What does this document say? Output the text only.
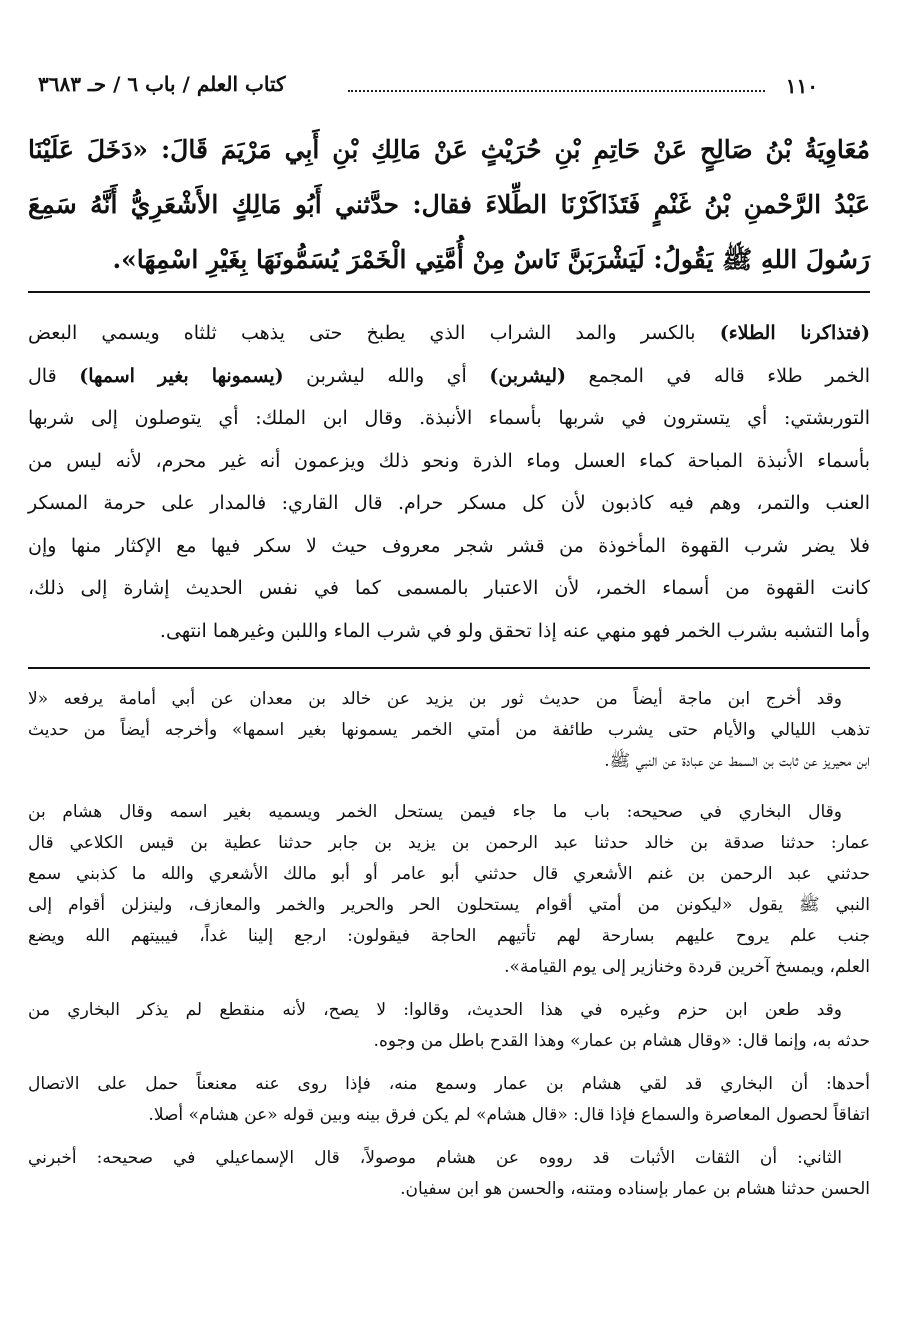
١١٠
كتاب العلم / باب ٦ / حـ ٣٦٨٣

مُعَاوِيَةُ بْنُ صَالِحٍ عَنْ حَاتِمِ بْنِ حُرَيْثٍ عَنْ مَالِكِ بْنِ أَبِي مَرْيَمَ قَالَ: «دَخَلَ عَلَيْنَا

عَبْدُ الرَّحْمنِ بْنُ غَنْمٍ فَتَذَاكَرْنَا الطِّلاءَ فقال: حدَّثني أَبُو مَالِكٍ الأَشْعَرِيُّ أَنَّهُ سَمِعَ

رَسُولَ اللهِ ﷺ يَقُولُ: لَيَشْرَبَنَّ نَاسٌ مِنْ أُمَّتِي الْخَمْرَ يُسَمُّونَهَا بِغَيْرِ اسْمِهَا».

(فتذاكرنا الطلاء) بالكسر والمد الشراب الذي يطبخ حتى يذهب ثلثاه ويسمي البعض

الخمر طلاء قاله في المجمع (ليشربن) أي والله ليشربن (يسمونها بغير اسمها) قال

التوربشتي: أي يتسترون في شربها بأسماء الأنبذة. وقال ابن الملك: أي يتوصلون إلى شربها

بأسماء الأنبذة المباحة كماء العسل وماء الذرة ونحو ذلك ويزعمون أنه غير محرم، لأنه ليس من

العنب والتمر، وهم فيه كاذبون لأن كل مسكر حرام. قال القاري: فالمدار على حرمة المسكر

فلا يضر شرب القهوة المأخوذة من قشر شجر معروف حيث لا سكر فيها مع الإكثار منها وإن

كانت القهوة من أسماء الخمر، لأن الاعتبار بالمسمى كما في نفس الحديث إشارة إلى ذلك،

وأما التشبه بشرب الخمر فهو منهي عنه إذا تحقق ولو في شرب الماء واللبن وغيرهما انتهى.

وقد أخرج ابن ماجة أيضاً من حديث ثور بن يزيد عن خالد بن معدان عن أبي أمامة يرفعه «لا

تذهب الليالي والأيام حتى يشرب طائفة من أمتي الخمر يسمونها بغير اسمها» وأخرجه أيضاً من حديث

ابن محيريز عن ثابت بن السمط عن عبادة عن النبي ﷺ.

وقال البخاري في صحيحه: باب ما جاء فيمن يستحل الخمر ويسميه بغير اسمه وقال هشام بن

عمار: حدثنا صدقة بن خالد حدثنا عبد الرحمن بن يزيد بن جابر حدثنا عطية بن قيس الكلاعي قال

حدثني عبد الرحمن بن غنم الأشعري قال حدثني أبو عامر أو أبو مالك الأشعري والله ما كذبني سمع

النبي ﷺ يقول «ليكونن من أمتي أقوام يستحلون الحر والحرير والخمر والمعازف، ولينزلن أقوام إلى

جنب علم يروح عليهم بسارحة لهم تأتيهم الحاجة فيقولون: ارجع إلينا غداً، فيبيتهم الله ويضع

العلم، ويمسخ آخرين قردة وخنازير إلى يوم القيامة».

وقد طعن ابن حزم وغيره في هذا الحديث، وقالوا: لا يصح، لأنه منقطع لم يذكر البخاري من

حدثه به، وإنما قال: «وقال هشام بن عمار» وهذا القدح باطل من وجوه.

أحدها: أن البخاري قد لقي هشام بن عمار وسمع منه، فإذا روى عنه معنعناً حمل على الاتصال

اتفاقاً لحصول المعاصرة والسماع فإذا قال: «قال هشام» لم يكن فرق بينه وبين قوله «عن هشام» أصلا.

الثاني: أن الثقات الأثبات قد رووه عن هشام موصولاً، قال الإسماعيلي في صحيحه: أخبرني

الحسن حدثنا هشام بن عمار بإسناده ومتنه، والحسن هو ابن سفيان.
